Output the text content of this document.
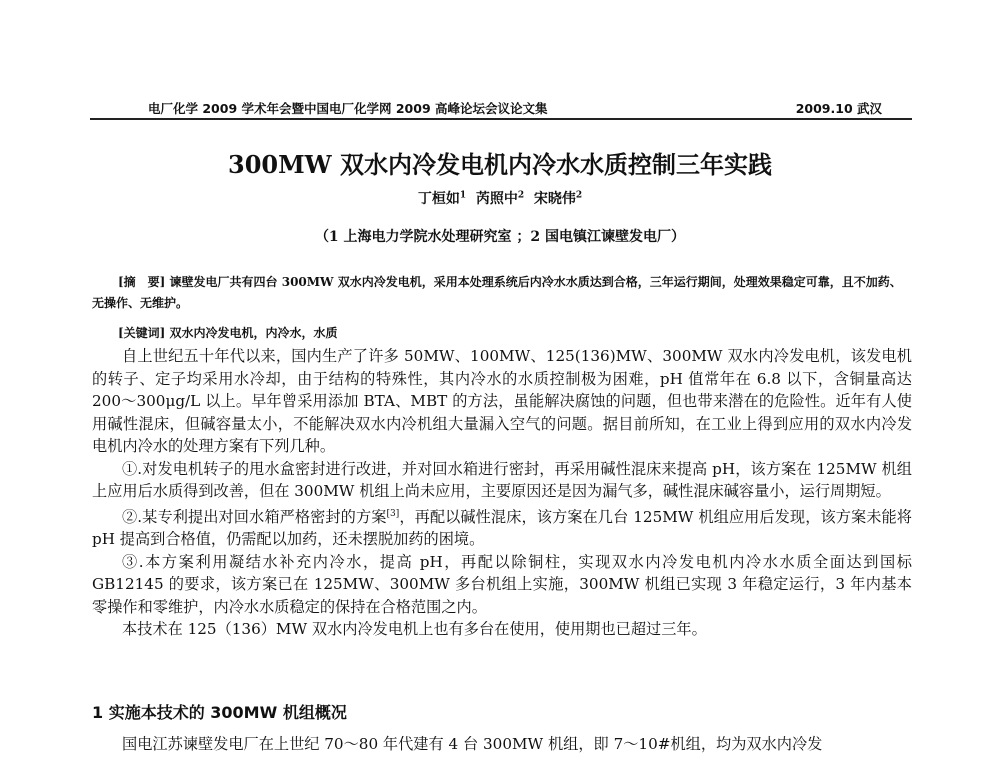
电厂化学 2009 学术年会暨中国电厂化学网 2009 高峰论坛会议论文集	2009.10 武汉
300MW 双水内冷发电机内冷水水质控制三年实践
丁桓如$^1$ 芮照中$^2$ 宋晓伟$^2$
（1 上海电力学院水处理研究室 ；2 国电镇江谏壁发电厂）
[摘　要] 谏壁发电厂共有四台 300MW 双水内冷发电机，采用本处理系统后内冷水水质达到合格，三年运行期间，处理效果稳定可靠，且不加药、无操作、无维护。
[关键词] 双水内冷发电机，内冷水，水质

自上世纪五十年代以来，国内生产了许多 50MW、100MW、125(136)MW、300MW 双水内冷发电机，该发电机的转子、定子均采用水冷却，由于结构的特殊性，其内冷水的水质控制极为困难，pH 值常年在 6.8 以下，含铜量高达 200～300μg/L 以上。早年曾采用添加 BTA、MBT 的方法，虽能解决腐蚀的问题，但也带来潜在的危险性。近年有人使用碱性混床，但碱容量太小，不能解决双水内冷机组大量漏入空气的问题。据目前所知，在工业上得到应用的双水内冷发电机内冷水的处理方案有下列几种。

①.对发电机转子的甩水盒密封进行改进，并对回水箱进行密封，再采用碱性混床来提高 pH，该方案在 125MW 机组上应用后水质得到改善，但在 300MW 机组上尚未应用，主要原因还是因为漏气多，碱性混床碱容量小，运行周期短。

②.某专利提出对回水箱严格密封的方案[3]，再配以碱性混床，该方案在几台 125MW 机组应用后发现，该方案未能将 pH 提高到合格值，仍需配以加药，还未摆脱加药的困境。

③.本方案利用凝结水补充内冷水，提高 pH，再配以除铜柱，实现双水内冷发电机内冷水水质全面达到国标 GB12145 的要求，该方案已在 125MW、300MW 多台机组上实施，300MW 机组已实现 3 年稳定运行，3 年内基本零操作和零维护，内冷水水质稳定的保持在合格范围之内。

本技术在 125（136）MW 双水内冷发电机上也有多台在使用，使用期也已超过三年。

1 实施本技术的 300MW 机组概况
国电江苏谏壁发电厂在上世纪 70～80 年代建有 4 台 300MW 机组，即 7～10#机组，均为双水内冷发
